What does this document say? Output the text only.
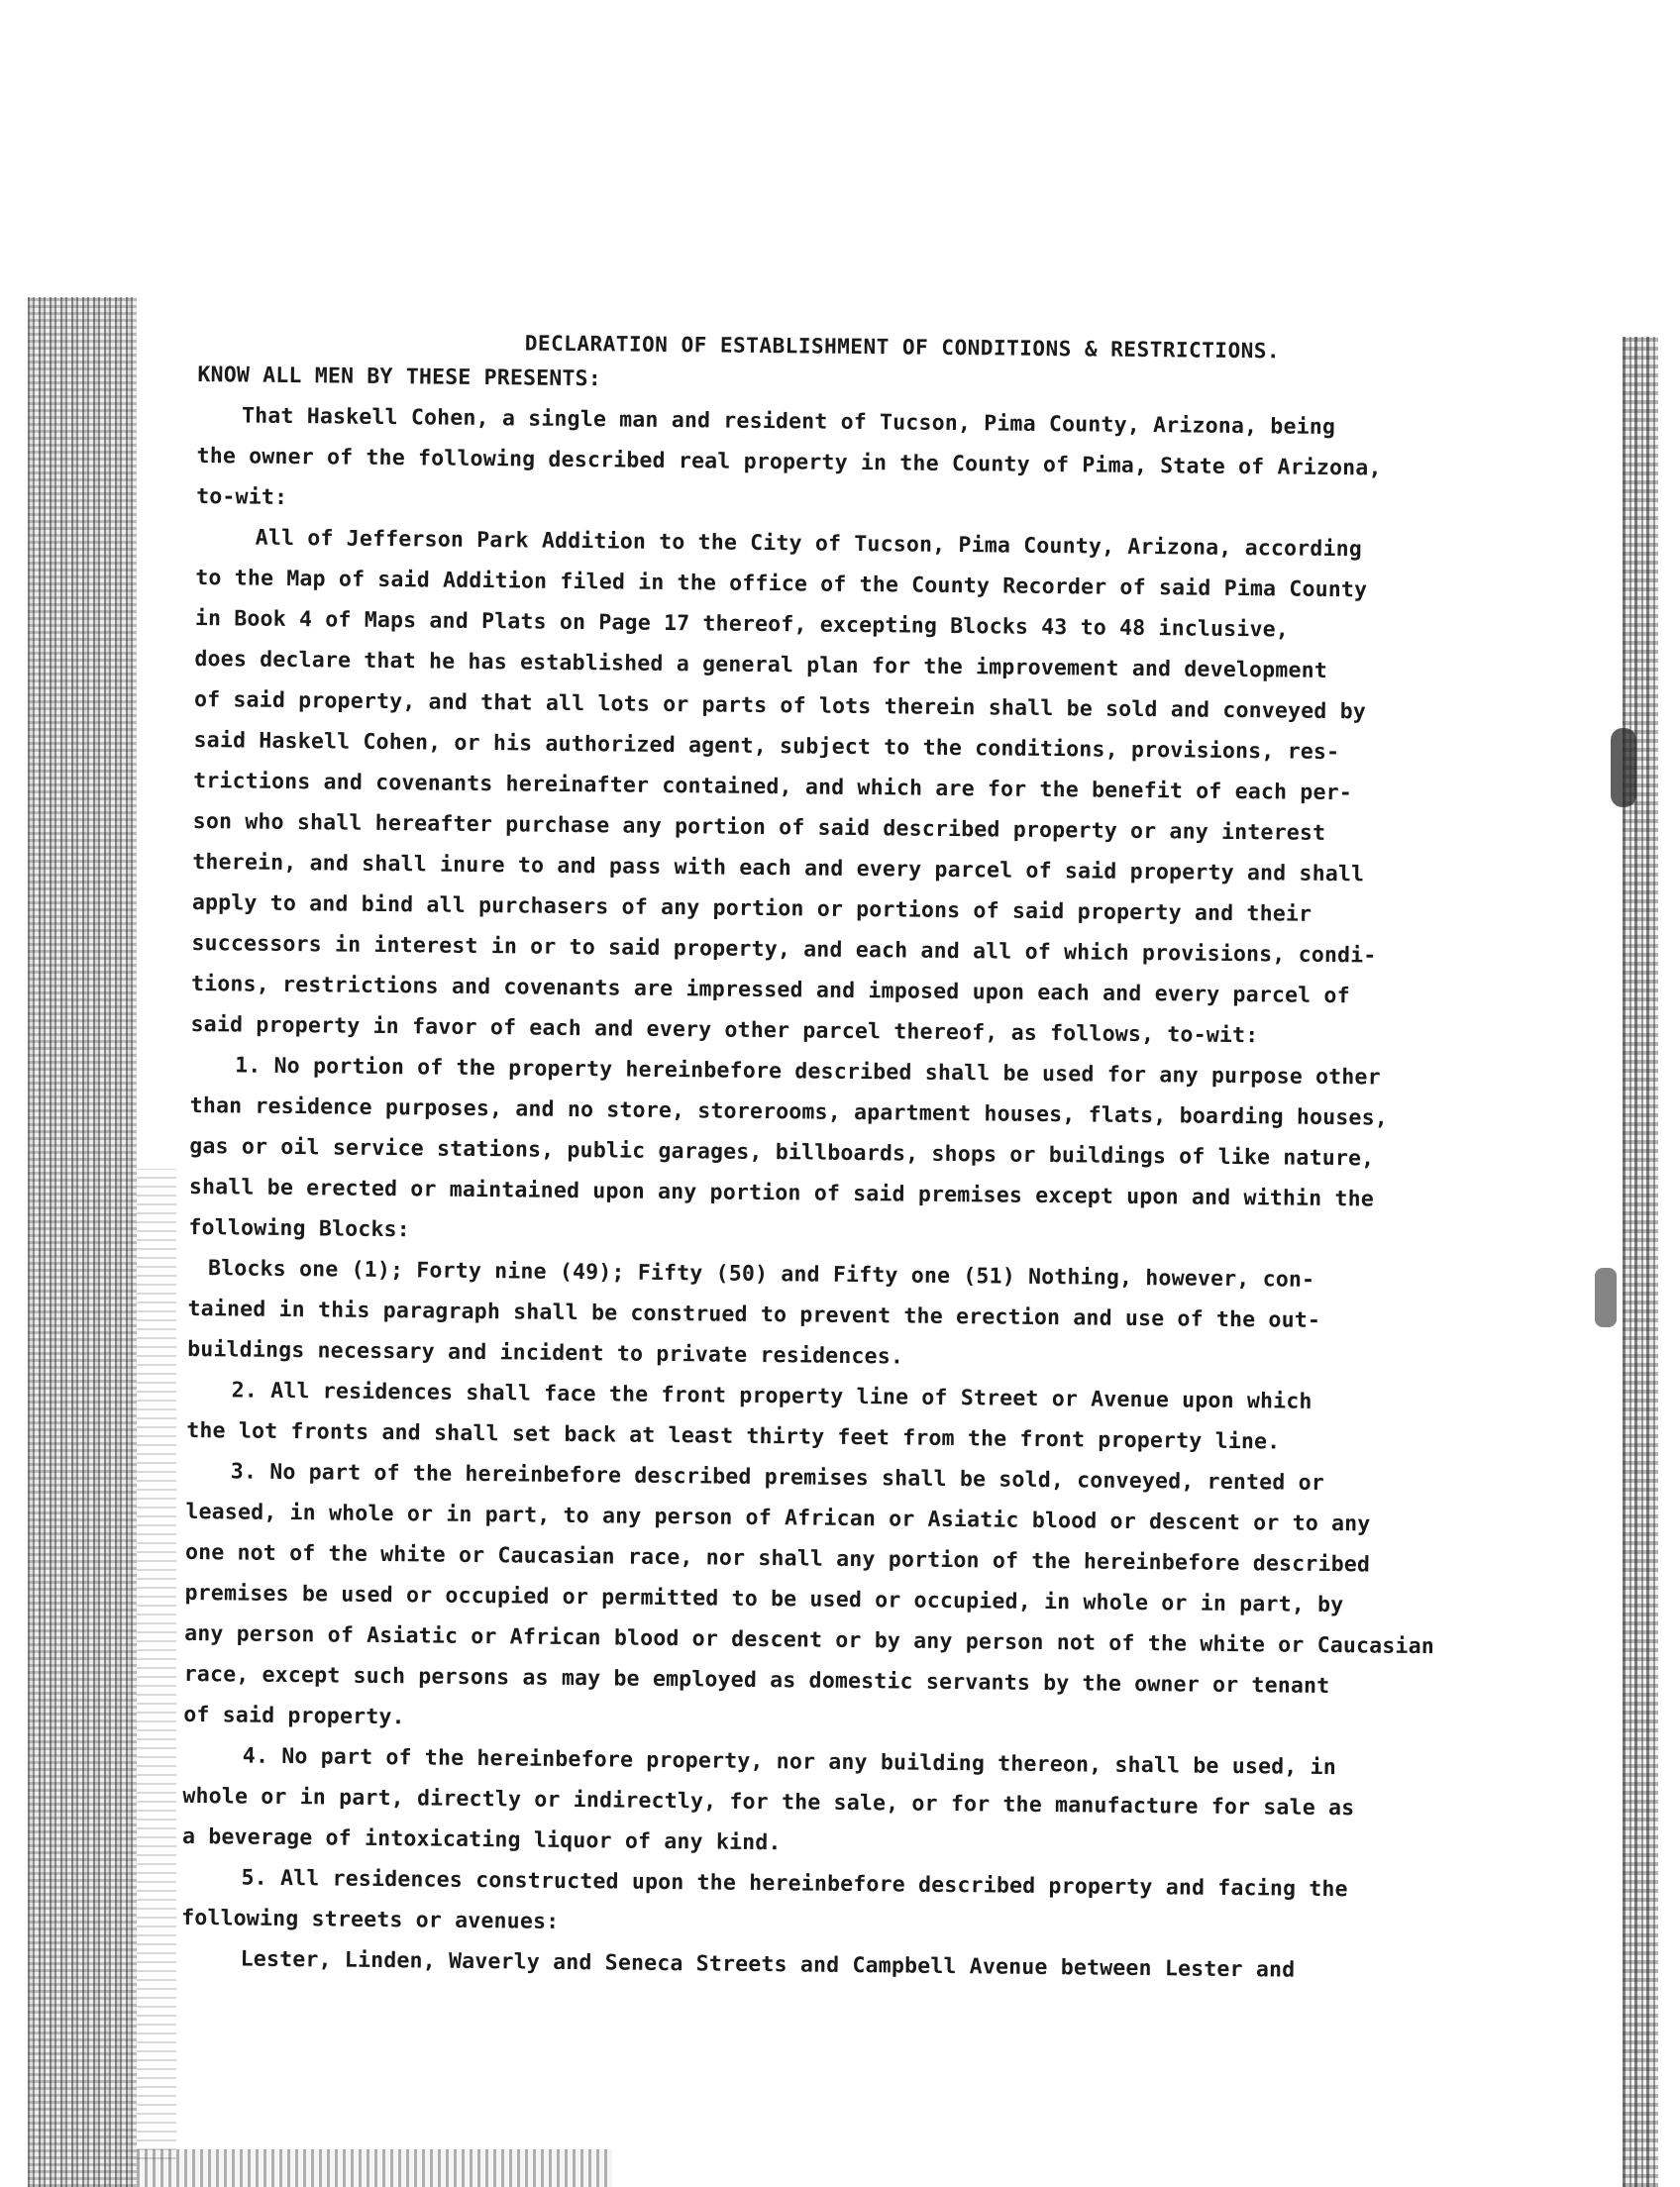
DECLARATION OF ESTABLISHMENT OF CONDITIONS & RESTRICTIONS.
KNOW ALL MEN BY THESE PRESENTS:
That Haskell Cohen, a single man and resident of Tucson, Pima County, Arizona, being
the owner of the following described real property in the County of Pima, State of Arizona,
to-wit:
All of Jefferson Park Addition to the City of Tucson, Pima County, Arizona, according
to the Map of said Addition filed in the office of the County Recorder of said Pima County
in Book 4 of Maps and Plats on Page 17 thereof, excepting Blocks 43 to 48 inclusive,
does declare that he has established a general plan for the improvement and development
of said property, and that all lots or parts of lots therein shall be sold and conveyed by
said Haskell Cohen, or his authorized agent, subject to the conditions, provisions, res-
trictions and covenants hereinafter contained, and which are for the benefit of each per-
son who shall hereafter purchase any portion of said described property or any interest
therein, and shall inure to and pass with each and every parcel of said property and shall
apply to and bind all purchasers of any portion or portions of said property and their
successors in interest in or to said property, and each and all of which provisions, condi-
tions, restrictions and covenants are impressed and imposed upon each and every parcel of
said property in favor of each and every other parcel thereof, as follows, to-wit:
1. No portion of the property hereinbefore described shall be used for any purpose other
than residence purposes, and no store, storerooms, apartment houses, flats, boarding houses,
gas or oil service stations, public garages, billboards, shops or buildings of like nature,
shall be erected or maintained upon any portion of said premises except upon and within the
following Blocks:
Blocks one (1); Forty nine (49); Fifty (50) and Fifty one (51) Nothing, however, con-
tained in this paragraph shall be construed to prevent the erection and use of the out-
buildings necessary and incident to private residences.
2. All residences shall face the front property line of Street or Avenue upon which
the lot fronts and shall set back at least thirty feet from the front property line.
3. No part of the hereinbefore described premises shall be sold, conveyed, rented or
leased, in whole or in part, to any person of African or Asiatic blood or descent or to any
one not of the white or Caucasian race, nor shall any portion of the hereinbefore described
premises be used or occupied or permitted to be used or occupied, in whole or in part, by
any person of Asiatic or African blood or descent or by any person not of the white or Caucasian
race, except such persons as may be employed as domestic servants by the owner or tenant
of said property.
4. No part of the hereinbefore property, nor any building thereon, shall be used, in
whole or in part, directly or indirectly, for the sale, or for the manufacture for sale as
a beverage of intoxicating liquor of any kind.
5. All residences constructed upon the hereinbefore described property and facing the
following streets or avenues:
Lester, Linden, Waverly and Seneca Streets and Campbell Avenue between Lester and
